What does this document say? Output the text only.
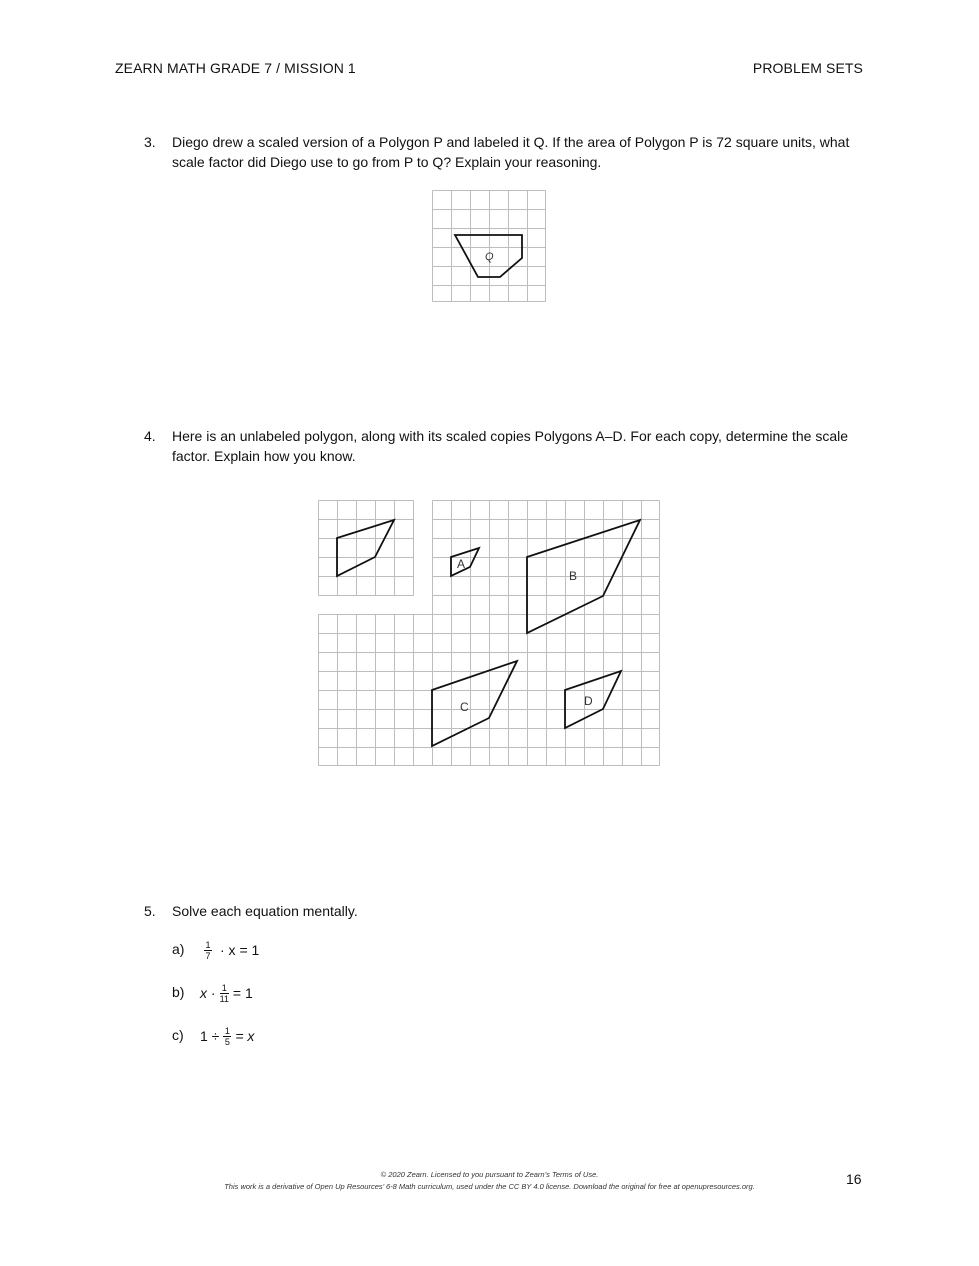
ZEARN MATH GRADE 7 / MISSION 1	PROBLEM SETS
3. Diego drew a scaled version of a Polygon P and labeled it Q. If the area of Polygon P is 72 square units, what scale factor did Diego use to go from P to Q? Explain your reasoning.
Q
4. Here is an unlabeled polygon, along with its scaled copies Polygons A–D. For each copy, determine the scale factor. Explain how you know.
A
B
C	D
5. Solve each equation mentally.
$a) \frac{1}{7} \cdot x = 1$
b) $x \cdot \frac{1}{11} = 1$
c) $1 \div \frac{1}{5} = x$
© 2020 Zearn. Licensed to you pursuant to Zearn’s Terms of Use.
This work is a derivative of Open Up Resources’ 6-8 Math curriculum, used under the CC BY 4.0 license. Download the original for free at openupresources.org.	16
